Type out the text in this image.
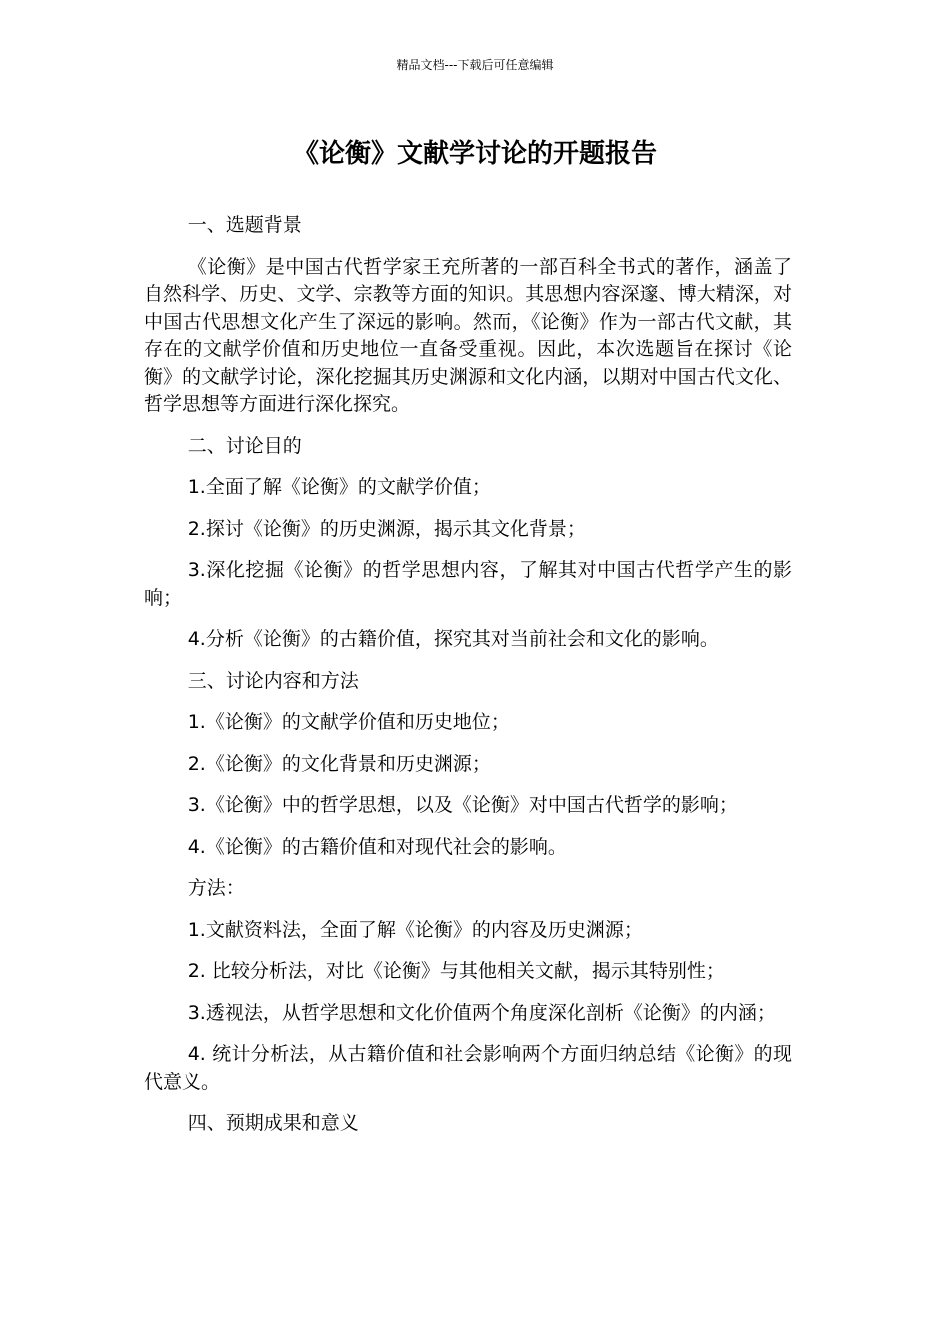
精品文档---下载后可任意编辑
《论衡》文献学讨论的开题报告

一、选题背景

《论衡》是中国古代哲学家王充所著的一部百科全书式的著作，涵盖了自然科学、历史、文学、宗教等方面的知识。其思想内容深邃、博大精深，对中国古代思想文化产生了深远的影响。然而，《论衡》作为一部古代文献，其存在的文献学价值和历史地位一直备受重视。因此，本次选题旨在探讨《论衡》的文献学讨论，深化挖掘其历史渊源和文化内涵，以期对中国古代文化、哲学思想等方面进行深化探究。

二、讨论目的

1.全面了解《论衡》的文献学价值；

2.探讨《论衡》的历史渊源，揭示其文化背景；

3.深化挖掘《论衡》的哲学思想内容，了解其对中国古代哲学产生的影响；

4.分析《论衡》的古籍价值，探究其对当前社会和文化的影响。

三、讨论内容和方法

1.《论衡》的文献学价值和历史地位；

2.《论衡》的文化背景和历史渊源；

3.《论衡》中的哲学思想，以及《论衡》对中国古代哲学的影响；

4.《论衡》的古籍价值和对现代社会的影响。

方法：

1.文献资料法，全面了解《论衡》的内容及历史渊源；

2. 比较分析法，对比《论衡》与其他相关文献，揭示其特别性；

3.透视法，从哲学思想和文化价值两个角度深化剖析《论衡》的内涵；

4. 统计分析法，从古籍价值和社会影响两个方面归纳总结《论衡》的现代意义。

四、预期成果和意义
